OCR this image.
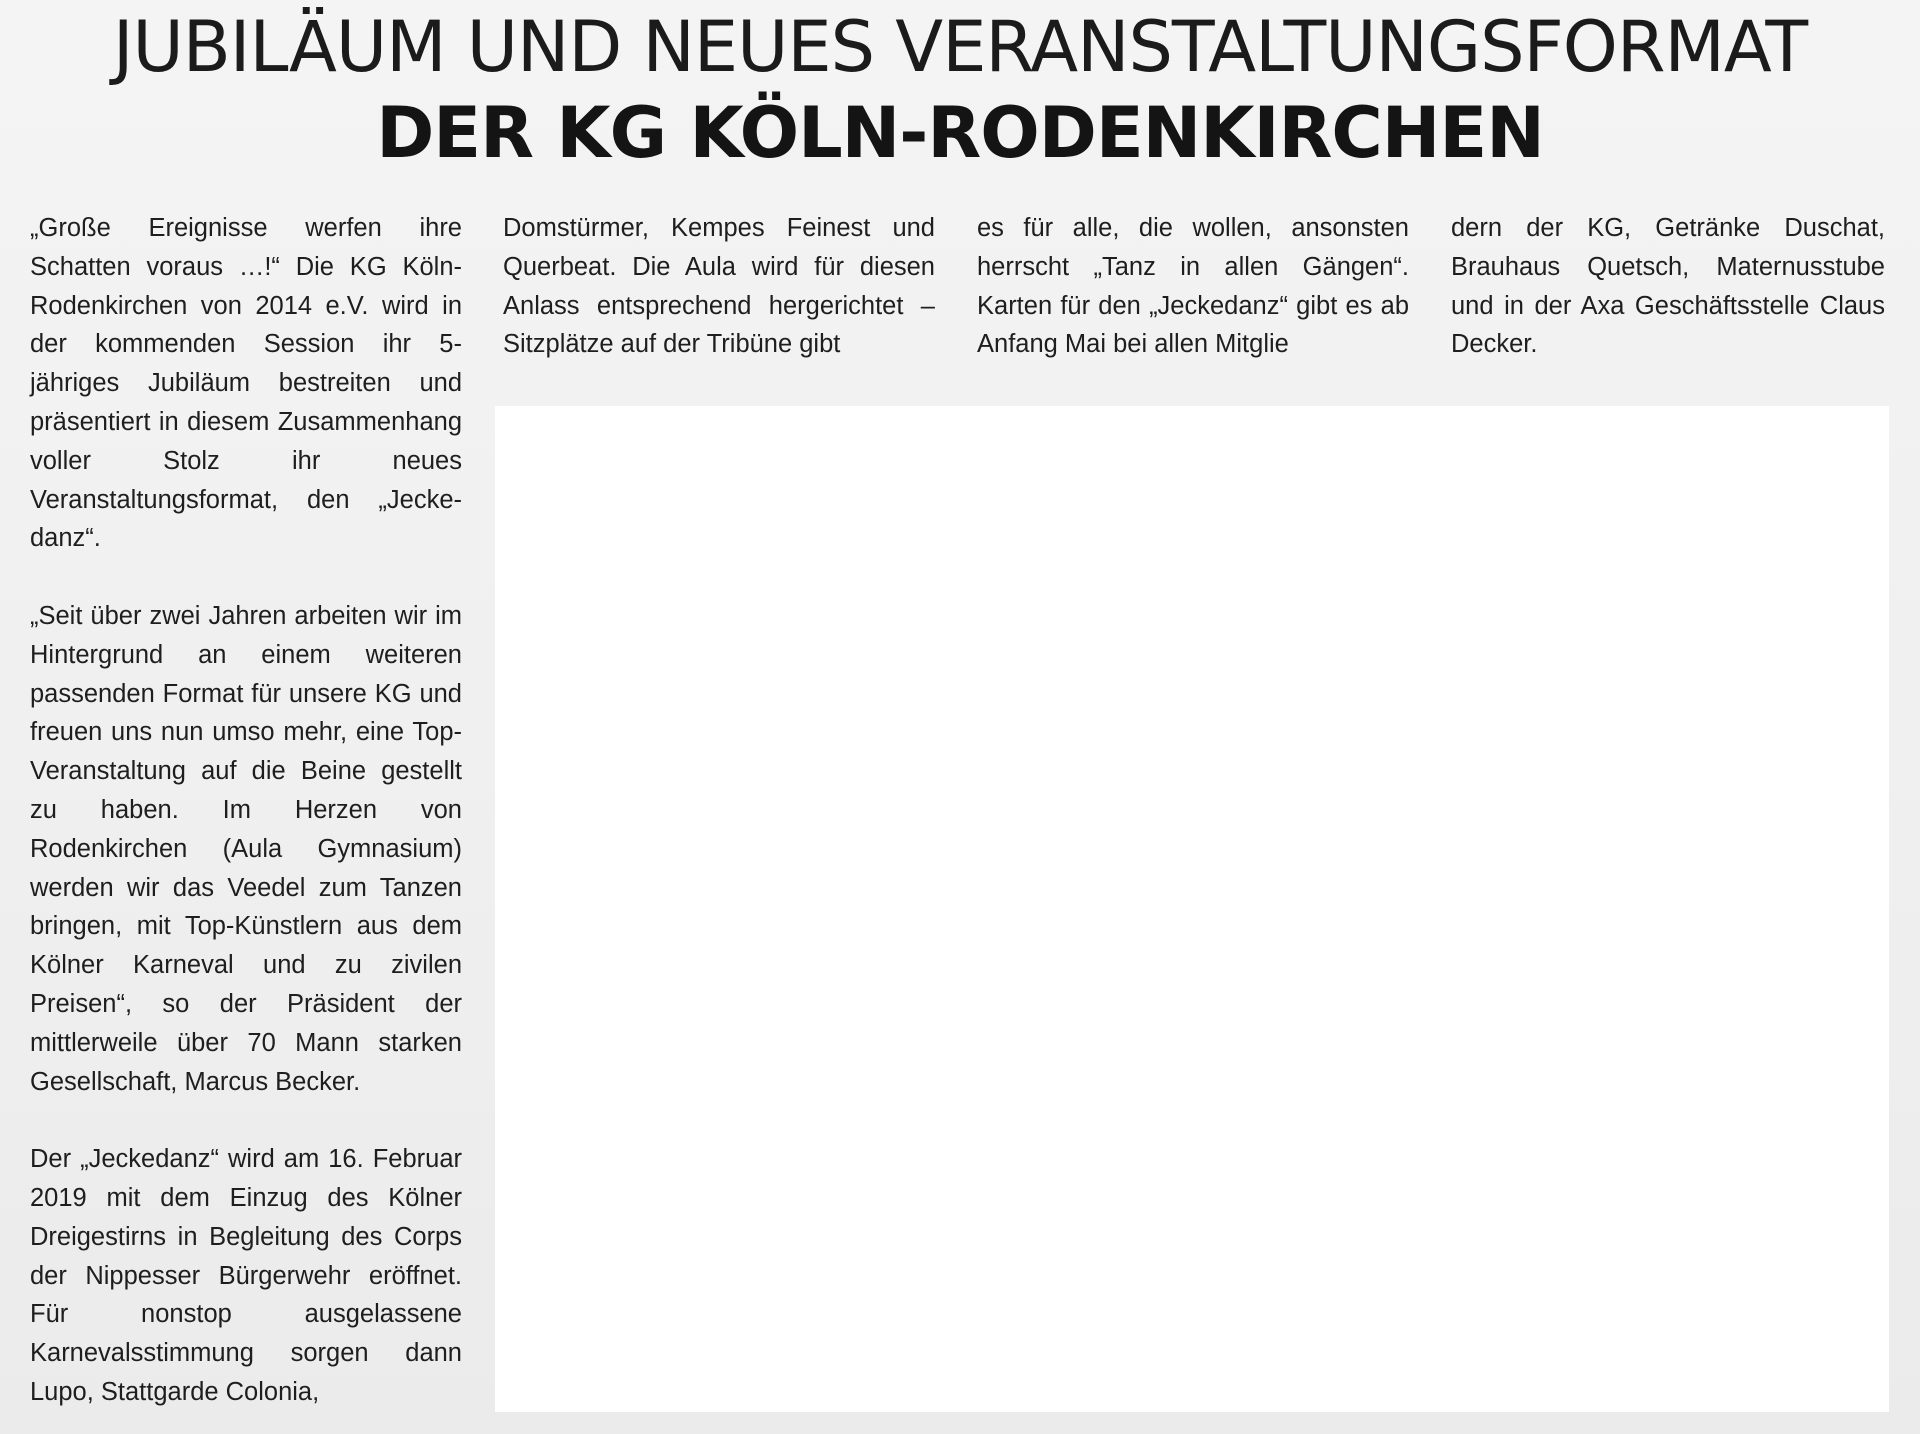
JUBILÄUM UND NEUES VERANSTALTUNGSFORMAT
DER KG KÖLN-RODENKIRCHEN

„Große Ereignisse werfen ihre Schatten voraus …!“ Die KG Köln-Rodenkirchen von 2014 e.V. wird in der kommenden Session ihr 5-jähriges Jubiläum bestreiten und präsentiert in diesem Zusammenhang voller Stolz ihr neues Veranstaltungsformat, den „Jeckedanz“.

„Seit über zwei Jahren arbeiten wir im Hintergrund an einem weiteren passenden Format für unsere KG und freuen uns nun umso mehr, eine Top-Veranstaltung auf die Beine gestellt zu haben. Im Herzen von Rodenkirchen (Aula Gymnasium) werden wir das Veedel zum Tanzen bringen, mit Top-Künstlern aus dem Kölner Karneval und zu zivilen Preisen“, so der Präsident der mittlerweile über 70 Mann starken Gesellschaft, Marcus Becker.

Der „Jeckedanz“ wird am 16. Februar 2019 mit dem Einzug des Kölner Dreigestirns in Begleitung des Corps der Nippesser Bürgerwehr eröffnet. Für nonstop ausgelassene Karnevalsstimmung sorgen dann Lupo, Stattgarde Colonia,

Domstürmer, Kempes Feinest und Querbeat. Die Aula wird für diesen Anlass entsprechend hergerichtet – Sitzplätze auf der Tribüne gibt

es für alle, die wollen, ansonsten herrscht „Tanz in allen Gängen“. Karten für den „Jeckedanz“ gibt es ab Anfang Mai bei allen Mitglie

dern der KG, Getränke Duschat, Brauhaus Quetsch, Maternusstube und in der Axa Geschäftsstelle Claus Decker.
